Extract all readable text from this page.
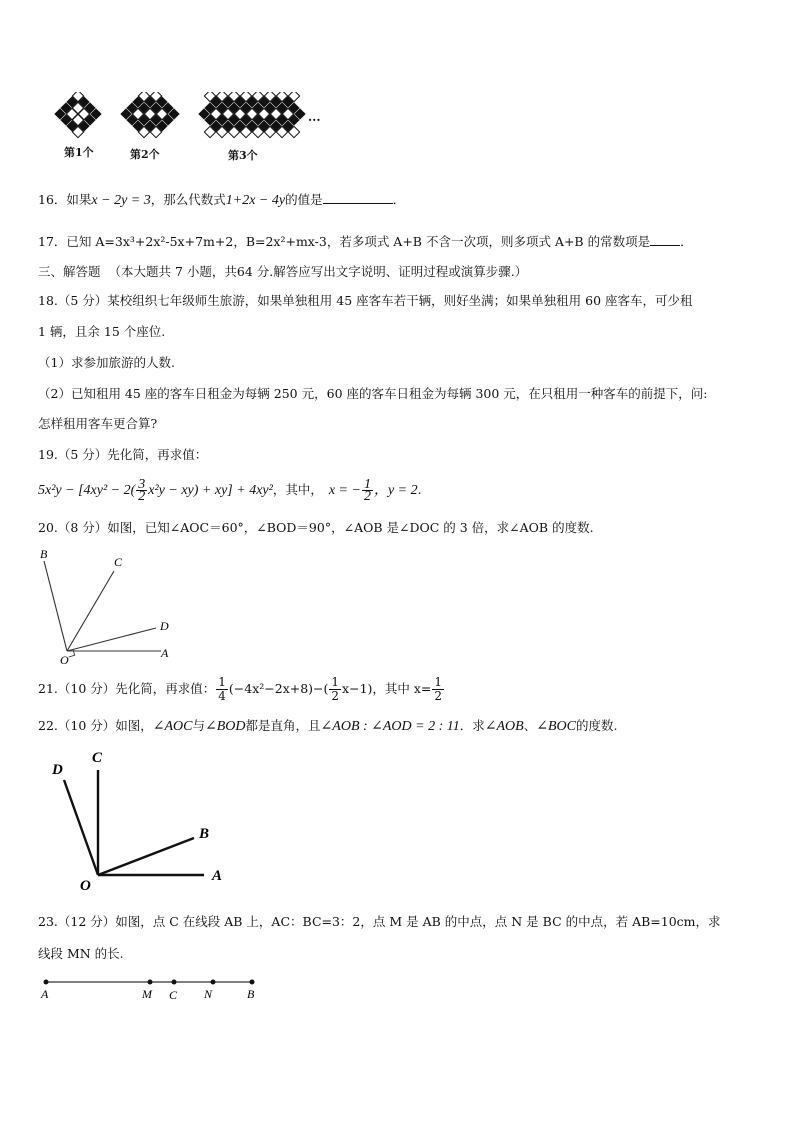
第1个	第2个	第3个
···
16．如果x − 2y = 3，那么代数式1+2x − 4y的值是	．
17．已知 A=3x³+2x²-5x+7m+2，B=2x²+mx-3，若多项式 A+B 不含一次项，则多项式 A+B 的常数项是 ．
三、解答题 （本大题共 7 小题，共64 分.解答应写出文字说明、证明过程或演算步骤.）
18.（5 分）某校组织七年级师生旅游，如果单独租用 45 座客车若干辆，则好坐满；如果单独租用 60 座客车，可少租
1 辆，且余 15 个座位.
（1）求参加旅游的人数.
（2）已知租用 45 座的客车日租金为每辆 250 元，60 座的客车日租金为每辆 300 元，在只租用一种客车的前提下，问:
怎样租用客车更合算?
19.（5 分）先化简，再求值：
$5x^2y - [4xy^2 - 2( \frac{3}{2} x^2y - xy) + xy] + 4xy^2$，其中， x = − $\frac{1}{2}$ ，y = 2.
20.（8 分）如图，已知∠AOC＝60°，∠BOD＝90°，∠AOB 是∠DOC 的 3 倍，求∠AOB 的度数.
B
C
D
O	A
21.（10 分）先化简，再求值： $\frac{1}{4} (-4x^2-2x+8)-( \frac{1}{2} x-1)$，其中 $x= \frac{1}{2}$
22.（10 分）如图，∠AOC与∠BOD都是直角，且∠AOB : ∠AOD = 2 : 11．求∠AOB、∠BOC的度数.
D
C
B
O
A
23.（12 分）如图，点 C 在线段 AB 上，AC：BC=3：2，点 M 是 AB 的中点，点 N 是 BC 的中点，若 AB=10cm，求
线段 MN 的长.
A	M C N	B
